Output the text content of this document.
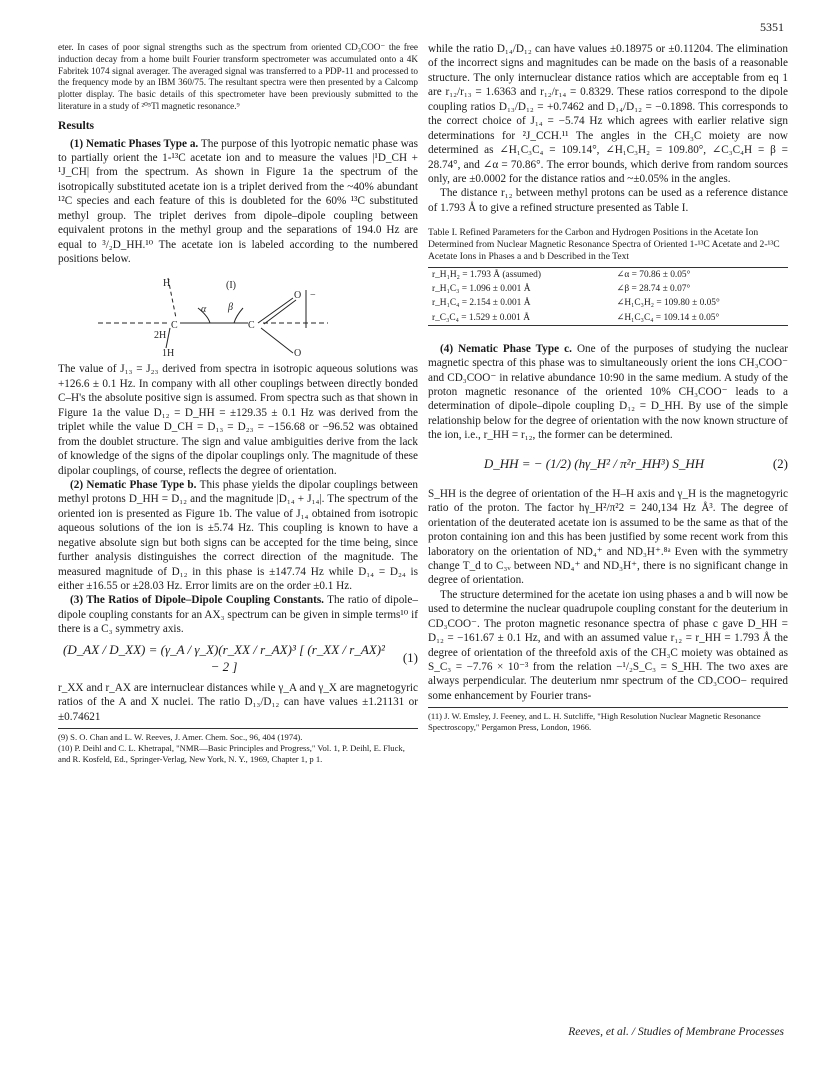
5351

eter. In cases of poor signal strengths such as the spectrum from oriented CD₃COO⁻ the free induction decay from a home built Fourier transform spectrometer was accumulated onto a 4K Fabritek 1074 signal averager. The averaged signal was transferred to a PDP-11 and processed to the frequency mode by an IBM 360/75. The resultant spectra were then presented by a Calcomp plotter display. The basic details of this spectrometer have been previously submitted to the literature in a study of ²⁰⁵Tl magnetic resonance.⁹

Results

(1) Nematic Phases Type a. The purpose of this lyotropic nematic phase was to partially orient the 1-¹³C acetate ion and to measure the values |¹D_CH + ¹J_CH| from the spectrum. As shown in Figure 1a the spectrum of the isotropically substituted acetate ion is a triplet derived from the ~40% abundant ¹²C species and each feature of this is doubleted for the 60% ¹³C substituted methyl group. The triplet derives from dipole–dipole coupling between equivalent protons in the methyl group and the separations of 194.0 Hz are equal to ³/₂D_HH.¹⁰ The acetate ion is labeled according to the numbered positions below.

H
2H
1H
C	C
O
O
α β
−
(I)

The value of J₁₃ = J₂₃ derived from spectra in isotropic aqueous solutions was +126.6 ± 0.1 Hz. In company with all other couplings between directly bonded C–H's the absolute positive sign is assumed. From spectra such as that shown in Figure 1a the value D₁₂ = D_HH = ±129.35 ± 0.1 Hz was derived from the triplet while the value D_CH = D₁₃ = D₂₃ = −156.68 or −96.52 was obtained from the doublet structure. The sign and value ambiguities derive from the lack of knowledge of the signs of the dipolar couplings only. The magnitude of these dipolar couplings, of course, reflects the degree of orientation.

(2) Nematic Phase Type b. This phase yields the dipolar couplings between methyl protons D_HH = D₁₂ and the magnitude |D₁₄ + J₁₄|. The spectrum of the oriented ion is presented as Figure 1b. The value of J₁₄ obtained from isotropic aqueous solutions of the ion is ±5.74 Hz. This coupling is known to have a negative absolute sign but both signs can be accepted for the time being, since further analysis distinguishes the correct direction of the magnitude. The measured magnitude of D₁₂ in this phase is ±147.74 Hz while D₁₄ = D₂₄ is either ±16.55 or ±28.03 Hz. Error limits are on the order ±0.1 Hz.

(3) The Ratios of Dipole–Dipole Coupling Constants. The ratio of dipole–dipole coupling constants for an AX₃ spectrum can be given in simple terms¹⁰ if there is a C₃ symmetry axis.

(D_AX / D_XX) = (γ_A / γ_X)(r_XX / r_AX)³ [ (r_XX / r_AX)² − 2 ]
(1)

r_XX and r_AX are internuclear distances while γ_A and γ_X are magnetogyric ratios of the A and X nuclei. The ratio D₁₃/D₁₂ can have values ±1.21131 or ±0.74621

(9) S. O. Chan and L. W. Reeves, J. Amer. Chem. Soc., 96, 404 (1974).
(10) P. Deihl and C. L. Khetrapal, "NMR—Basic Principles and Progress," Vol. 1, P. Deihl, E. Fluck, and R. Kosfeld, Ed., Springer-Verlag, New York, N. Y., 1969, Chapter 1, p 1.

while the ratio D₁₄/D₁₂ can have values ±0.18975 or ±0.11204. The elimination of the incorrect signs and magnitudes can be made on the basis of a reasonable structure. The only internuclear distance ratios which are acceptable from eq 1 are r₁₂/r₁₃ = 1.6363 and r₁₂/r₁₄ = 0.8329. These ratios correspond to the dipole coupling ratios D₁₃/D₁₂ = +0.7462 and D₁₄/D₁₂ = −0.1898. This corresponds to the correct choice of J₁₄ = −5.74 Hz which agrees with earlier relative sign determinations for ²J_CCH.¹¹ The angles in the CH₃C moiety are now determined as ∠H₁C₃C₄ = 109.14°, ∠H₁C₃H₂ = 109.80°, ∠C₃C₄H = β = 28.74°, and ∠α = 70.86°. The error bounds, which derive from random sources only, are ±0.0002 for the distance ratios and ~±0.05% in the angles.

The distance r₁₂ between methyl protons can be used as a reference distance of 1.793 Å to give a refined structure presented as Table I.

Table I. Refined Parameters for the Carbon and Hydrogen Positions in the Acetate Ion Determined from Nuclear Magnetic Resonance Spectra of Oriented 1-¹³C Acetate and 2-¹³C Acetate Ions in Phases a and b Described in the Text
r_H₁H₂ = 1.793 Å (assumed)	∠α = 70.86 ± 0.05°
r_H₁C₃ = 1.096 ± 0.001 Å	∠β = 28.74 ± 0.07°
r_H₁C₄ = 2.154 ± 0.001 Å	∠H₁C₃H₂ = 109.80 ± 0.05°
r_C₃C₄ = 1.529 ± 0.001 Å	∠H₁C₃C₄ = 109.14 ± 0.05°

(4) Nematic Phase Type c. One of the purposes of studying the nuclear magnetic spectra of this phase was to simultaneously orient the ions CH₃COO⁻ and CD₃COO⁻ in relative abundance 10:90 in the same medium. A study of the proton magnetic resonance of the oriented 10% CH₃COO⁻ leads to a determination of dipole–dipole coupling D₁₂ = D_HH. By use of the simple relationship below for the degree of orientation with the now known structure of the ion, i.e., r_HH = r₁₂, the former can be determined.

D_HH = − (1/2) (hγ_H² / π²r_HH³) S_HH	(2)

S_HH is the degree of orientation of the H–H axis and γ_H is the magnetogyric ratio of the proton. The factor hγ_H²/π²2 = 240,134 Hz Å³. The degree of orientation of the deuterated acetate ion is assumed to be the same as that of the proton containing ion and this has been justified by some recent work from this laboratory on the orientation of ND₄⁺ and ND₃H⁺.⁸ᵃ Even with the symmetry change T_d to C₃ᵥ between ND₄⁺ and ND₃H⁺, there is no significant change in degree of orientation.

The structure determined for the acetate ion using phases a and b will now be used to determine the nuclear quadrupole coupling constant for the deuterium in CD₃COO⁻. The proton magnetic resonance spectra of phase c gave D_HH = D₁₂ = −161.67 ± 0.1 Hz, and with an assumed value r₁₂ = r_HH = 1.793 Å the degree of orientation of the threefold axis of the CH₃C moiety was obtained as S_C₃ = −7.76 × 10⁻³ from the relation −¹/₂S_C₃ = S_HH. The two axes are always perpendicular. The deuterium nmr spectrum of the CD₃COO− required some enhancement by Fourier trans-

(11) J. W. Emsley, J. Feeney, and L. H. Sutcliffe, "High Resolution Nuclear Magnetic Resonance Spectroscopy," Pergamon Press, London, 1966.
Reeves, et al. / Studies of Membrane Processes
